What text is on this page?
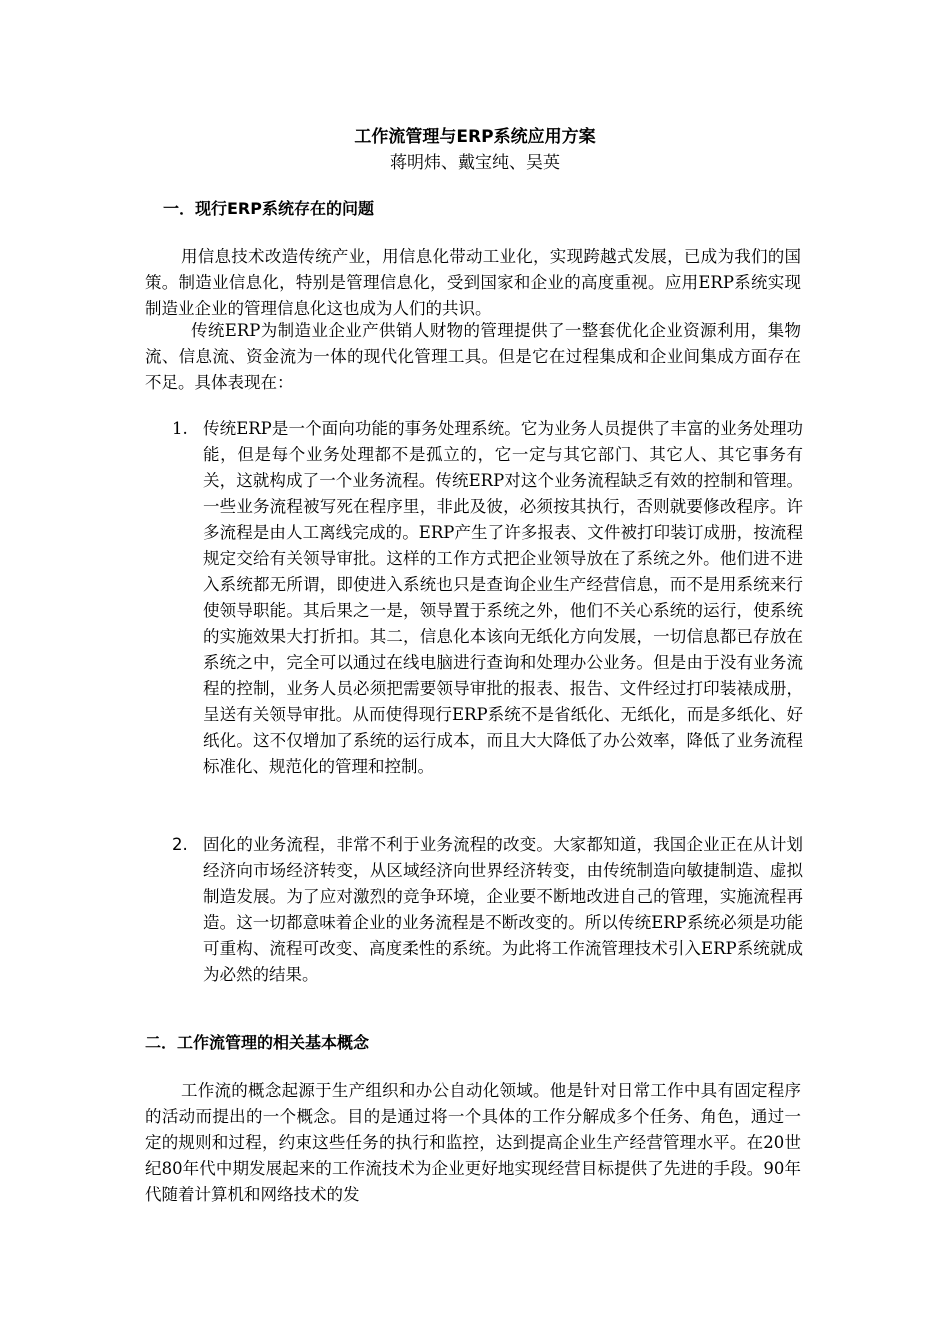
工作流管理与ERP系统应用方案
蒋明炜、戴宝纯、吴英
一．现行ERP系统存在的问题

用信息技术改造传统产业，用信息化带动工业化，实现跨越式发展，已成为我们的国策。制造业信息化，特别是管理信息化，受到国家和企业的高度重视。应用ERP系统实现制造业企业的管理信息化这也成为人们的共识。

传统ERP为制造业企业产供销人财物的管理提供了一整套优化企业资源利用，集物流、信息流、资金流为一体的现代化管理工具。但是它在过程集成和企业间集成方面存在不足。具体表现在：

1. 传统ERP是一个面向功能的事务处理系统。它为业务人员提供了丰富的业务处理功能，但是每个业务处理都不是孤立的，它一定与其它部门、其它人、其它事务有关，这就构成了一个业务流程。传统ERP对这个业务流程缺乏有效的控制和管理。一些业务流程被写死在程序里，非此及彼，必须按其执行，否则就要修改程序。许多流程是由人工离线完成的。ERP产生了许多报表、文件被打印装订成册，按流程规定交给有关领导审批。这样的工作方式把企业领导放在了系统之外。他们进不进入系统都无所谓，即使进入系统也只是查询企业生产经营信息，而不是用系统来行使领导职能。其后果之一是，领导置于系统之外，他们不关心系统的运行，使系统的实施效果大打折扣。其二，信息化本该向无纸化方向发展，一切信息都已存放在系统之中，完全可以通过在线电脑进行查询和处理办公业务。但是由于没有业务流程的控制，业务人员必须把需要领导审批的报表、报告、文件经过打印装裱成册，呈送有关领导审批。从而使得现行ERP系统不是省纸化、无纸化，而是多纸化、好纸化。这不仅增加了系统的运行成本，而且大大降低了办公效率，降低了业务流程标准化、规范化的管理和控制。

2. 固化的业务流程，非常不利于业务流程的改变。大家都知道，我国企业正在从计划经济向市场经济转变，从区域经济向世界经济转变，由传统制造向敏捷制造、虚拟制造发展。为了应对激烈的竞争环境，企业要不断地改进自己的管理，实施流程再造。这一切都意味着企业的业务流程是不断改变的。所以传统ERP系统必须是功能可重构、流程可改变、高度柔性的系统。为此将工作流管理技术引入ERP系统就成为必然的结果。

二．工作流管理的相关基本概念

工作流的概念起源于生产组织和办公自动化领域。他是针对日常工作中具有固定程序的活动而提出的一个概念。目的是通过将一个具体的工作分解成多个任务、角色，通过一定的规则和过程，约束这些任务的执行和监控，达到提高企业生产经营管理水平。在20世纪80年代中期发展起来的工作流技术为企业更好地实现经营目标提供了先进的手段。90年代随着计算机和网络技术的发
